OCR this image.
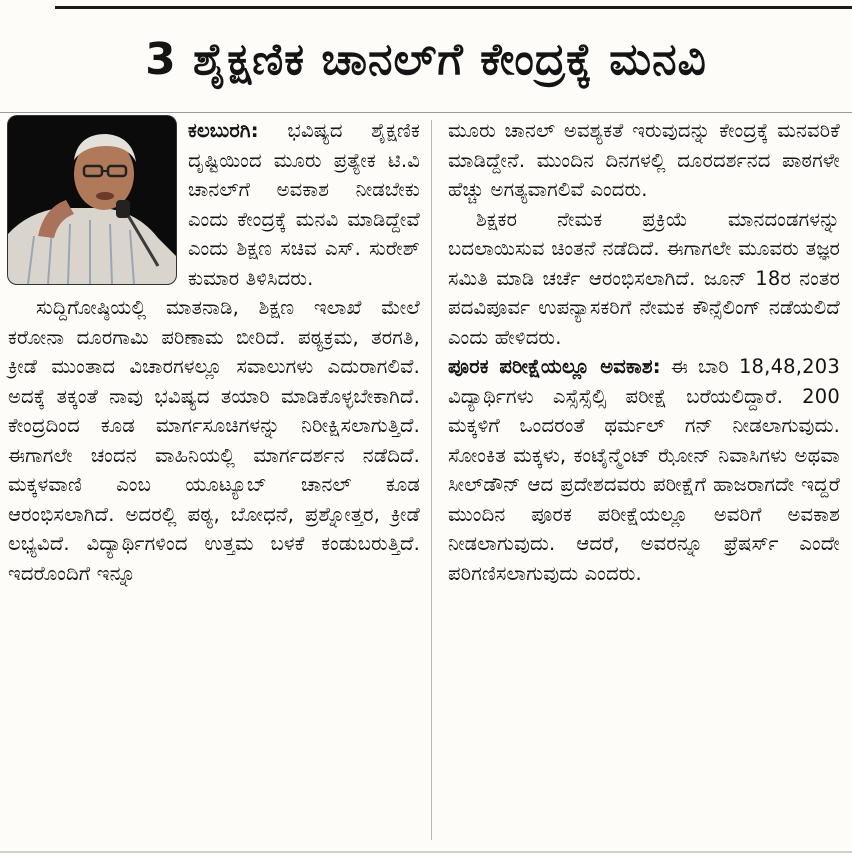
3 ಶೈಕ್ಷಣಿಕ ಚಾನಲ್‌ಗೆ ಕೇಂದ್ರಕ್ಕೆ ಮನವಿ

ಕಲಬುರಗಿ: ಭವಿಷ್ಯದ ಶೈಕ್ಷಣಿಕ ದೃಷ್ಟಿಯಿಂದ ಮೂರು ಪ್ರತ್ಯೇಕ ಟಿ.ವಿ ಚಾನಲ್‌ಗೆ ಅವಕಾಶ ನೀಡಬೇಕು ಎಂದು ಕೇಂದ್ರಕ್ಕೆ ಮನವಿ ಮಾಡಿದ್ದೇವೆ ಎಂದು ಶಿಕ್ಷಣ ಸಚಿವ ಎಸ್. ಸುರೇಶ್ ಕುಮಾರ ತಿಳಿಸಿದರು.

ಸುದ್ದಿಗೋಷ್ಠಿಯಲ್ಲಿ ಮಾತನಾಡಿ, ಶಿಕ್ಷಣ ಇಲಾಖೆ ಮೇಲೆ ಕರೋನಾ ದೂರಗಾಮಿ ಪರಿಣಾಮ ಬೀರಿದೆ. ಪಠ್ಯಕ್ರಮ, ತರಗತಿ, ಕ್ರೀಡೆ ಮುಂತಾದ ವಿಚಾರಗಳಲ್ಲೂ ಸವಾಲುಗಳು ಎದುರಾಗಲಿವೆ. ಅದಕ್ಕೆ ತಕ್ಕಂತೆ ನಾವು ಭವಿಷ್ಯದ ತಯಾರಿ ಮಾಡಿಕೊಳ್ಳಬೇಕಾಗಿದೆ. ಕೇಂದ್ರದಿಂದ ಕೂಡ ಮಾರ್ಗಸೂಚಿಗಳನ್ನು ನಿರೀಕ್ಷಿಸಲಾಗುತ್ತಿದೆ. ಈಗಾಗಲೇ ಚಂದನ ವಾಹಿನಿಯಲ್ಲಿ ಮಾರ್ಗದರ್ಶನ ನಡೆದಿದೆ. ಮಕ್ಕಳವಾಣಿ ಎಂಬ ಯೂಟ್ಯೂಬ್ ಚಾನಲ್ ಕೂಡ ಆರಂಭಿಸಲಾಗಿದೆ. ಅದರಲ್ಲಿ ಪಠ್ಯ, ಬೋಧನೆ, ಪ್ರಶ್ನೋತ್ತರ, ಕ್ರೀಡೆ ಲಭ್ಯವಿದೆ. ವಿದ್ಯಾರ್ಥಿಗಳಿಂದ ಉತ್ತಮ ಬಳಕೆ ಕಂಡುಬರುತ್ತಿದೆ. ಇದರೊಂದಿಗೆ ಇನ್ನೂ

ಮೂರು ಚಾನಲ್ ಅವಶ್ಯಕತೆ ಇರುವುದನ್ನು ಕೇಂದ್ರಕ್ಕೆ ಮನವರಿಕೆ ಮಾಡಿದ್ದೇನೆ. ಮುಂದಿನ ದಿನಗಳಲ್ಲಿ ದೂರದರ್ಶನದ ಪಾಠಗಳೇ ಹೆಚ್ಚು ಅಗತ್ಯವಾಗಲಿವೆ ಎಂದರು.

ಶಿಕ್ಷಕರ ನೇಮಕ ಪ್ರಕ್ರಿಯೆ ಮಾನದಂಡಗಳನ್ನು ಬದಲಾಯಿಸುವ ಚಿಂತನೆ ನಡೆದಿದೆ. ಈಗಾಗಲೇ ಮೂವರು ತಜ್ಞರ ಸಮಿತಿ ಮಾಡಿ ಚರ್ಚೆ ಆರಂಭಿಸಲಾಗಿದೆ. ಜೂನ್ 18ರ ನಂತರ ಪದವಿಪೂರ್ವ ಉಪನ್ಯಾಸಕರಿಗೆ ನೇಮಕ ಕೌನ್ಸೆಲಿಂಗ್ ನಡೆಯಲಿದೆ ಎಂದು ಹೇಳಿದರು.

ಪೂರಕ ಪರೀಕ್ಷೆಯಲ್ಲೂ ಅವಕಾಶ: ಈ ಬಾರಿ 18,48,203 ವಿದ್ಯಾರ್ಥಿಗಳು ಎಸ್ಸೆಸ್ಸೆಲ್ಸಿ ಪರೀಕ್ಷೆ ಬರೆಯಲಿದ್ದಾರೆ. 200 ಮಕ್ಕಳಿಗೆ ಒಂದರಂತೆ ಥರ್ಮಲ್ ಗನ್ ನೀಡಲಾಗುವುದು. ಸೋಂಕಿತ ಮಕ್ಕಳು, ಕಂಟೈನ್ಮೆಂಟ್ ಝೋನ್ ನಿವಾಸಿಗಳು ಅಥವಾ ಸೀಲ್‌ಡೌನ್ ಆದ ಪ್ರದೇಶದವರು ಪರೀಕ್ಷೆಗೆ ಹಾಜರಾಗದೇ ಇದ್ದರೆ ಮುಂದಿನ ಪೂರಕ ಪರೀಕ್ಷೆಯಲ್ಲೂ ಅವರಿಗೆ ಅವಕಾಶ ನೀಡಲಾಗುವುದು. ಆದರೆ, ಅವರನ್ನೂ ಫ್ರೆಷರ್ಸ್ ಎಂದೇ ಪರಿಗಣಿಸಲಾಗುವುದು ಎಂದರು.
